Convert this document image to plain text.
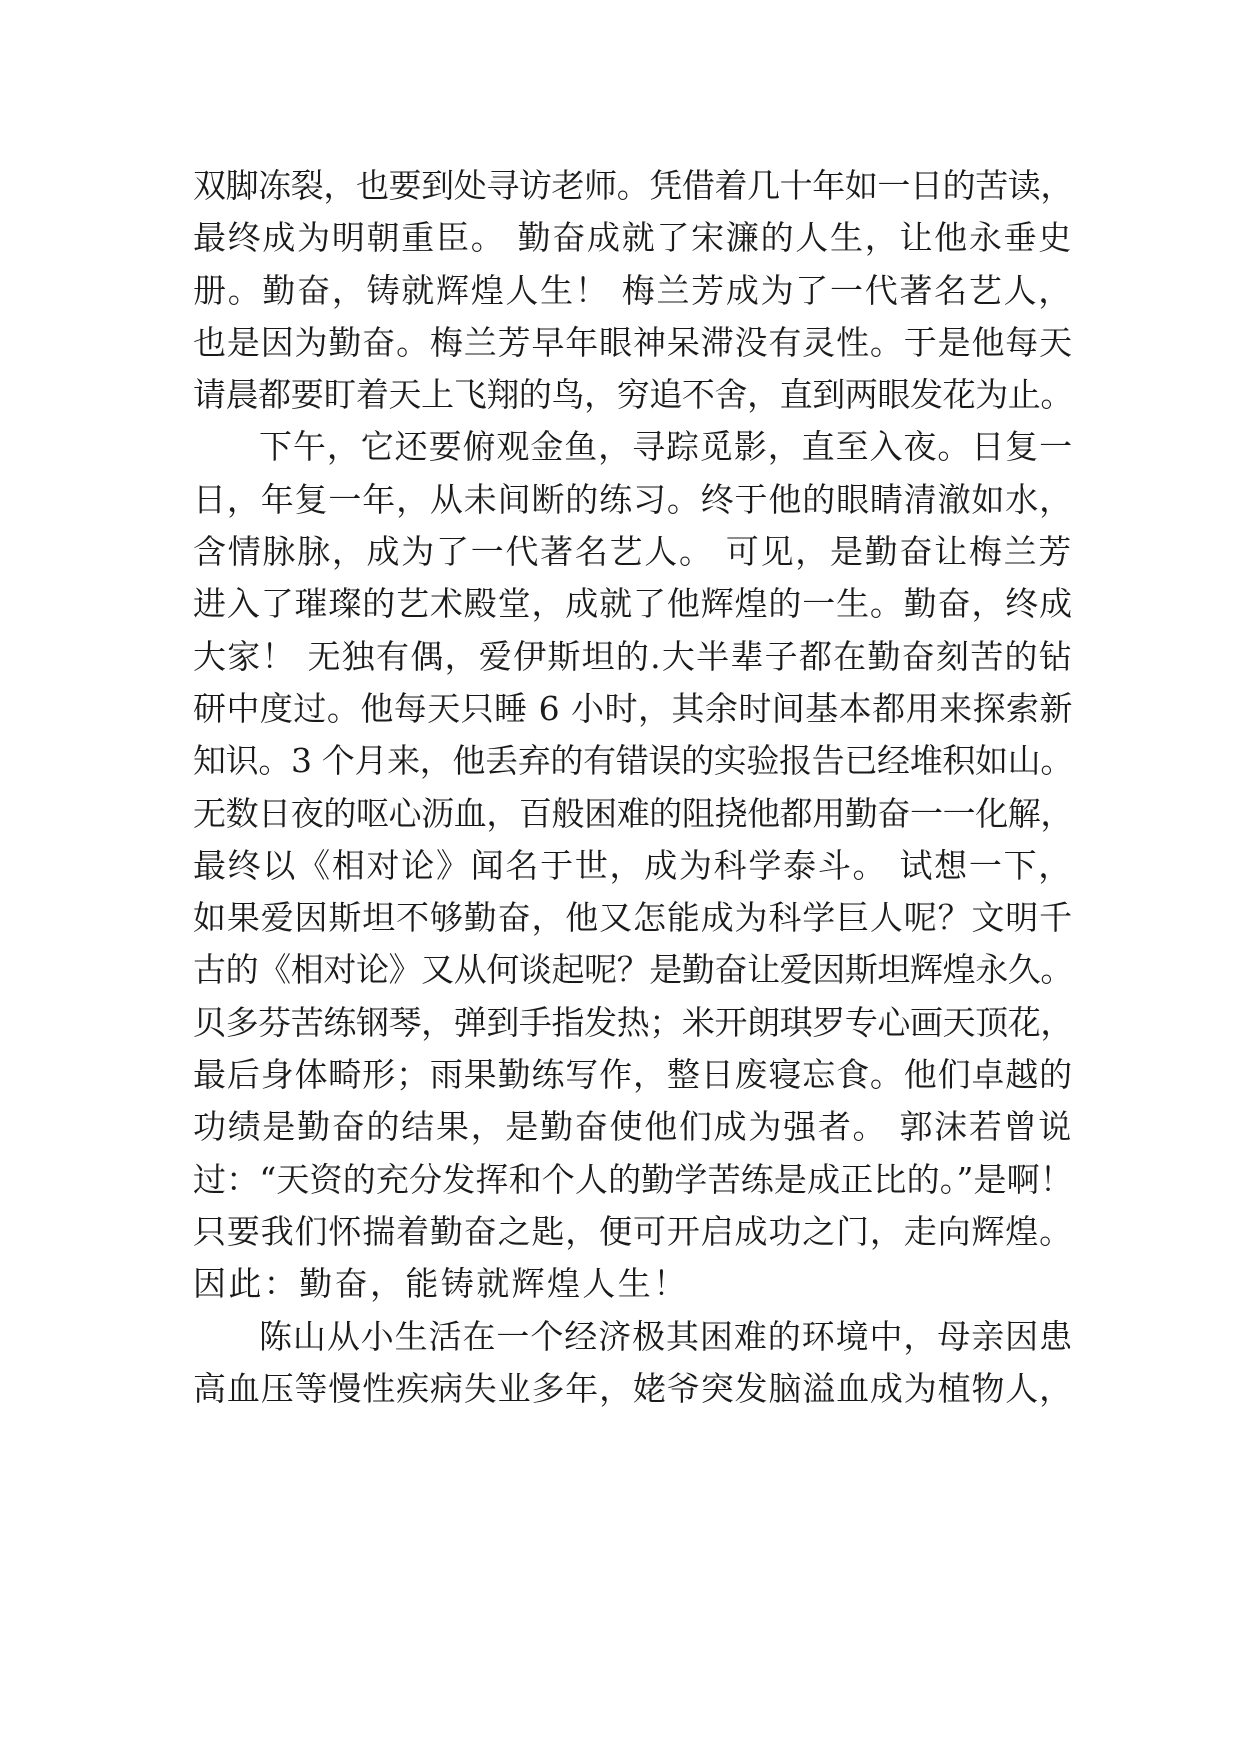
双脚冻裂，也要到处寻访老师。凭借着几十年如一日的苦读，
最终成为明朝重臣。 勤奋成就了宋濂的人生，让他永垂史
册。勤奋，铸就辉煌人生！ 梅兰芳成为了一代著名艺人，
也是因为勤奋。梅兰芳早年眼神呆滞没有灵性。于是他每天
请晨都要盯着天上飞翔的鸟，穷追不舍，直到两眼发花为止。
下午，它还要俯观金鱼，寻踪觅影，直至入夜。日复一
日，年复一年，从未间断的练习。终于他的眼睛清澈如水，
含情脉脉，成为了一代著名艺人。 可见，是勤奋让梅兰芳
进入了璀璨的艺术殿堂，成就了他辉煌的一生。勤奋，终成
大家！ 无独有偶，爱伊斯坦的.大半辈子都在勤奋刻苦的钻
研中度过。他每天只睡 6 小时，其余时间基本都用来探索新
知识。3 个月来，他丢弃的有错误的实验报告已经堆积如山。
无数日夜的呕心沥血，百般困难的阻挠他都用勤奋一一化解，
最终以《相对论》闻名于世，成为科学泰斗。 试想一下，
如果爱因斯坦不够勤奋，他又怎能成为科学巨人呢？文明千
古的《相对论》又从何谈起呢？是勤奋让爱因斯坦辉煌永久。
贝多芬苦练钢琴，弹到手指发热；米开朗琪罗专心画天顶花，
最后身体畸形；雨果勤练写作，整日废寝忘食。他们卓越的
功绩是勤奋的结果，是勤奋使他们成为强者。 郭沫若曾说
过：“天资的充分发挥和个人的勤学苦练是成正比的。”是啊！
只要我们怀揣着勤奋之匙，便可开启成功之门，走向辉煌。
因此：勤奋，能铸就辉煌人生！
陈山从小生活在一个经济极其困难的环境中，母亲因患
高血压等慢性疾病失业多年，姥爷突发脑溢血成为植物人，
